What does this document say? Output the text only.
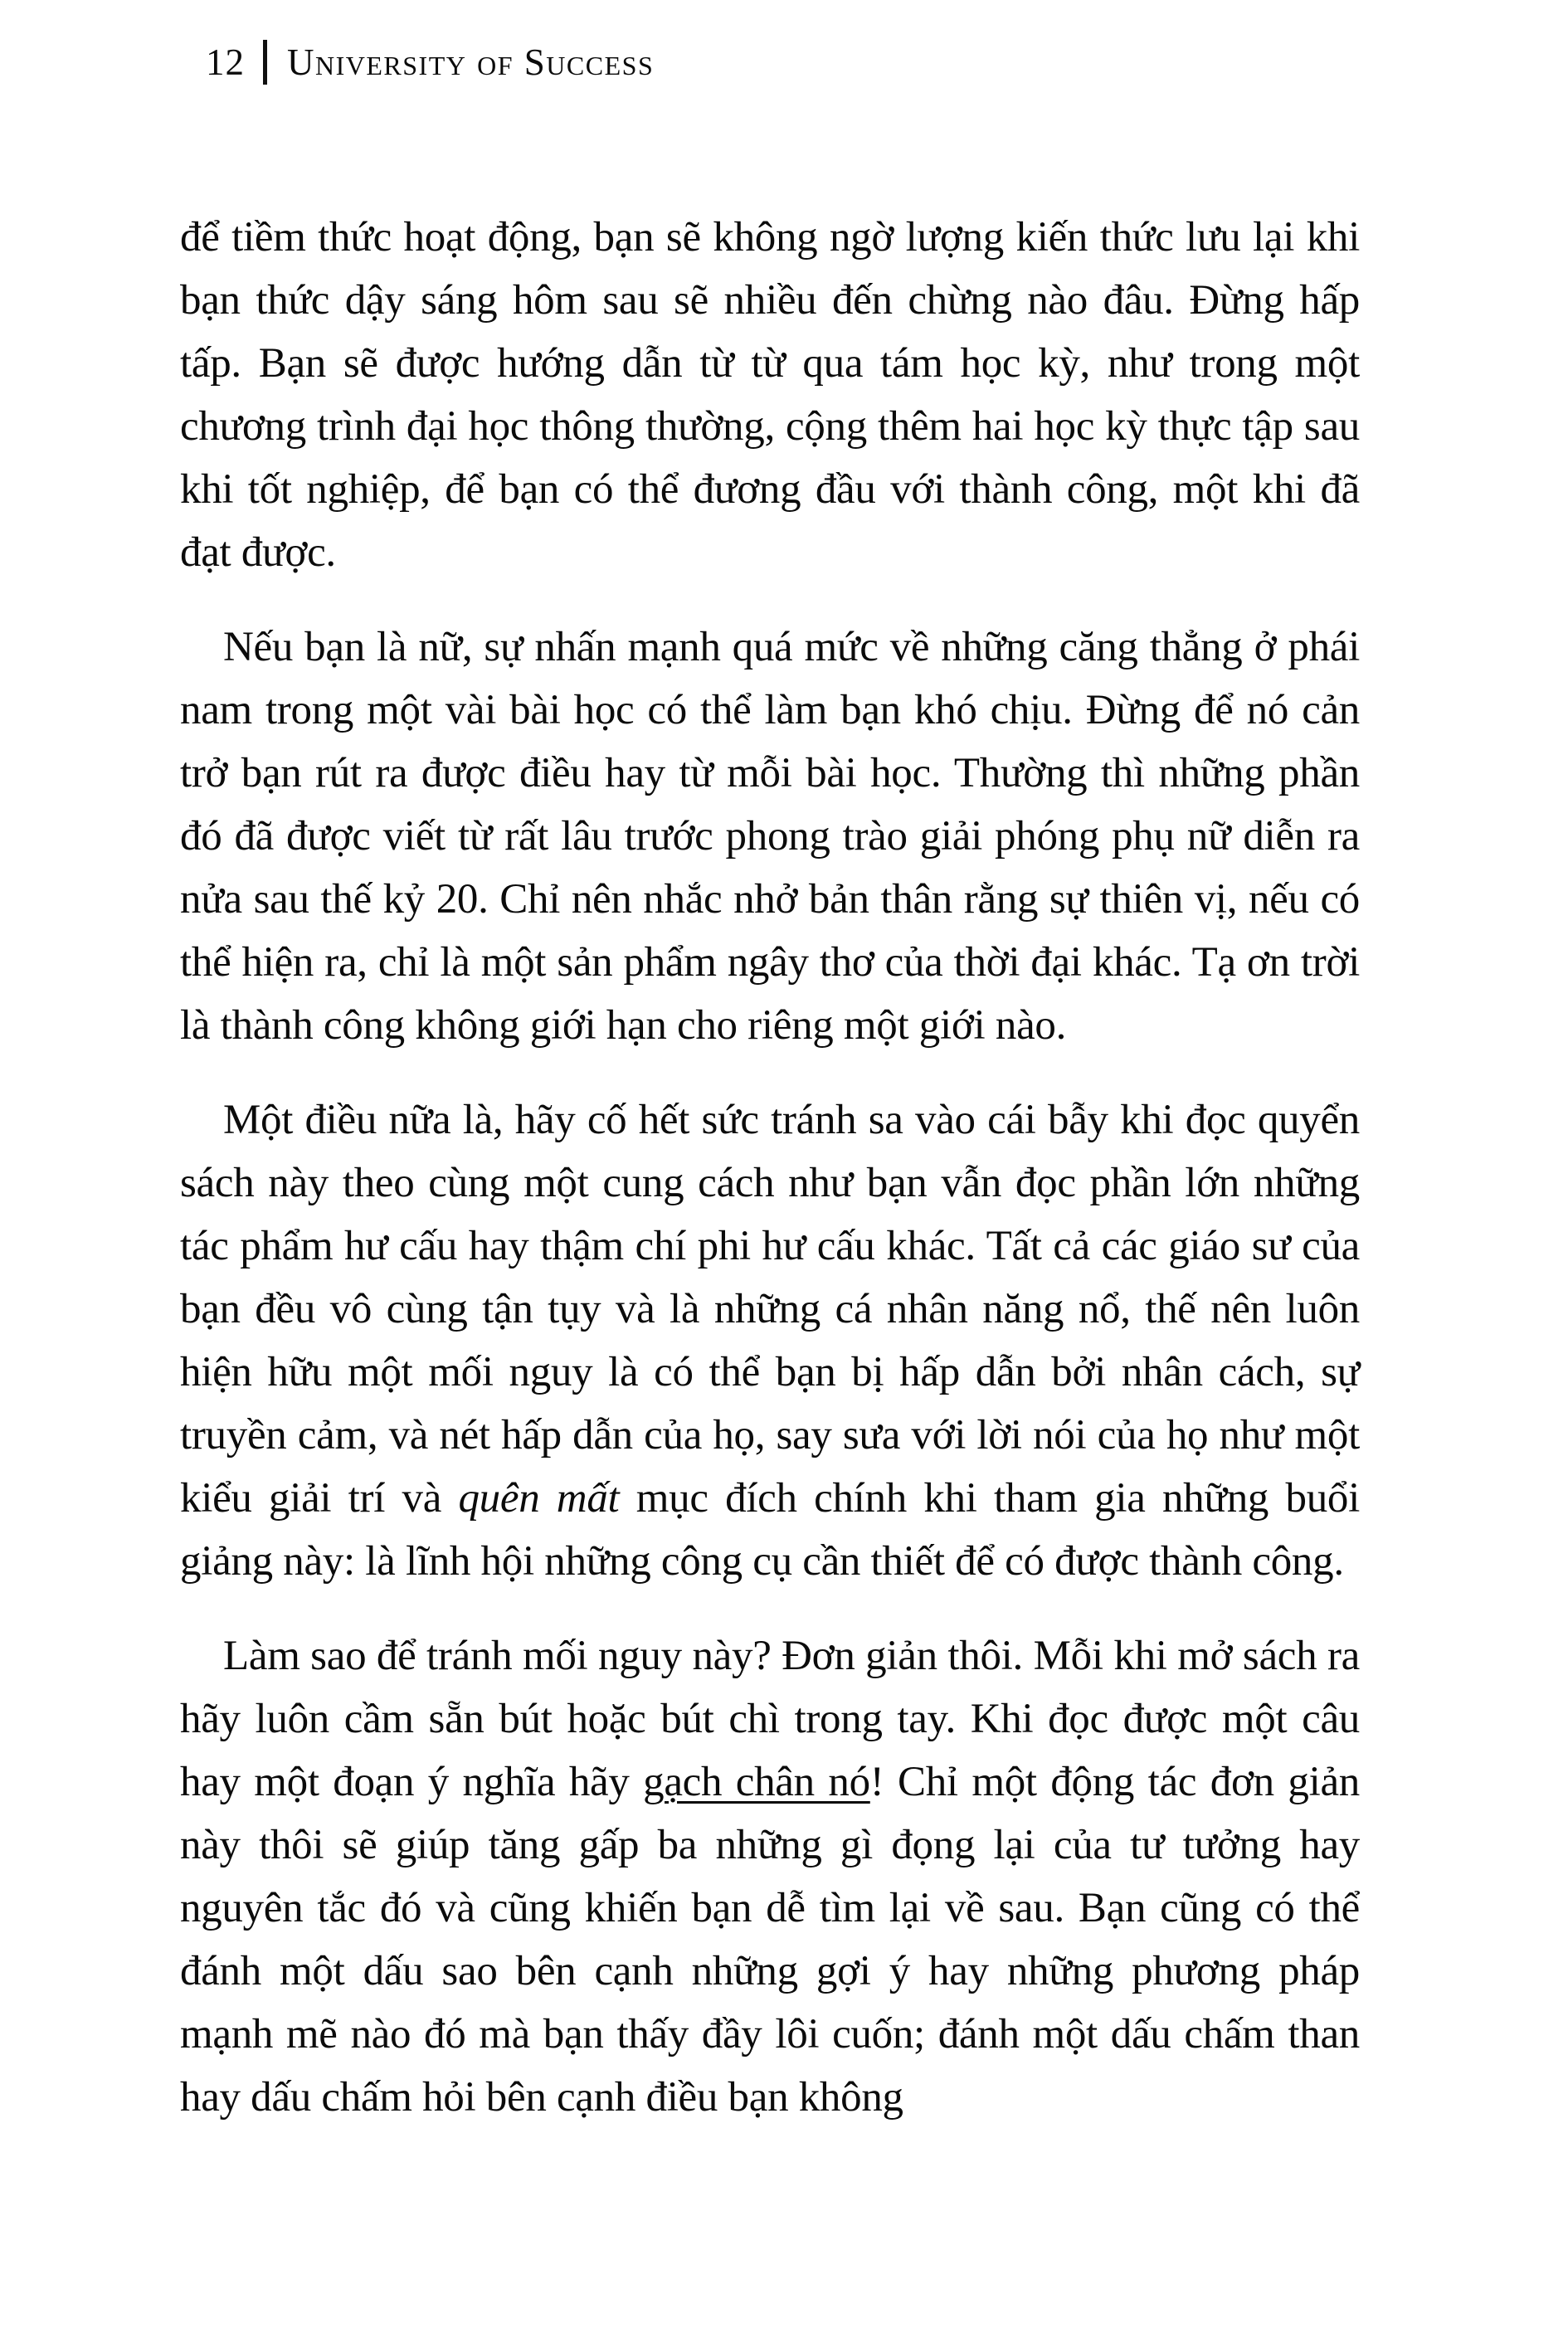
12 University of Success

để tiềm thức hoạt động, bạn sẽ không ngờ lượng kiến thức lưu lại khi bạn thức dậy sáng hôm sau sẽ nhiều đến chừng nào đâu. Đừng hấp tấp. Bạn sẽ được hướng dẫn từ từ qua tám học kỳ, như trong một chương trình đại học thông thường, cộng thêm hai học kỳ thực tập sau khi tốt nghiệp, để bạn có thể đương đầu với thành công, một khi đã đạt được.

Nếu bạn là nữ, sự nhấn mạnh quá mức về những căng thẳng ở phái nam trong một vài bài học có thể làm bạn khó chịu. Đừng để nó cản trở bạn rút ra được điều hay từ mỗi bài học. Thường thì những phần đó đã được viết từ rất lâu trước phong trào giải phóng phụ nữ diễn ra nửa sau thế kỷ 20. Chỉ nên nhắc nhở bản thân rằng sự thiên vị, nếu có thể hiện ra, chỉ là một sản phẩm ngây thơ của thời đại khác. Tạ ơn trời là thành công không giới hạn cho riêng một giới nào.

Một điều nữa là, hãy cố hết sức tránh sa vào cái bẫy khi đọc quyển sách này theo cùng một cung cách như bạn vẫn đọc phần lớn những tác phẩm hư cấu hay thậm chí phi hư cấu khác. Tất cả các giáo sư của bạn đều vô cùng tận tụy và là những cá nhân năng nổ, thế nên luôn hiện hữu một mối nguy là có thể bạn bị hấp dẫn bởi nhân cách, sự truyền cảm, và nét hấp dẫn của họ, say sưa với lời nói của họ như một kiểu giải trí và quên mất mục đích chính khi tham gia những buổi giảng này: là lĩnh hội những công cụ cần thiết để có được thành công.

Làm sao để tránh mối nguy này? Đơn giản thôi. Mỗi khi mở sách ra hãy luôn cầm sẵn bút hoặc bút chì trong tay. Khi đọc được một câu hay một đoạn ý nghĩa hãy gạch chân nó! Chỉ một động tác đơn giản này thôi sẽ giúp tăng gấp ba những gì đọng lại của tư tưởng hay nguyên tắc đó và cũng khiến bạn dễ tìm lại về sau. Bạn cũng có thể đánh một dấu sao bên cạnh những gợi ý hay những phương pháp mạnh mẽ nào đó mà bạn thấy đầy lôi cuốn; đánh một dấu chấm than hay dấu chấm hỏi bên cạnh điều bạn không
